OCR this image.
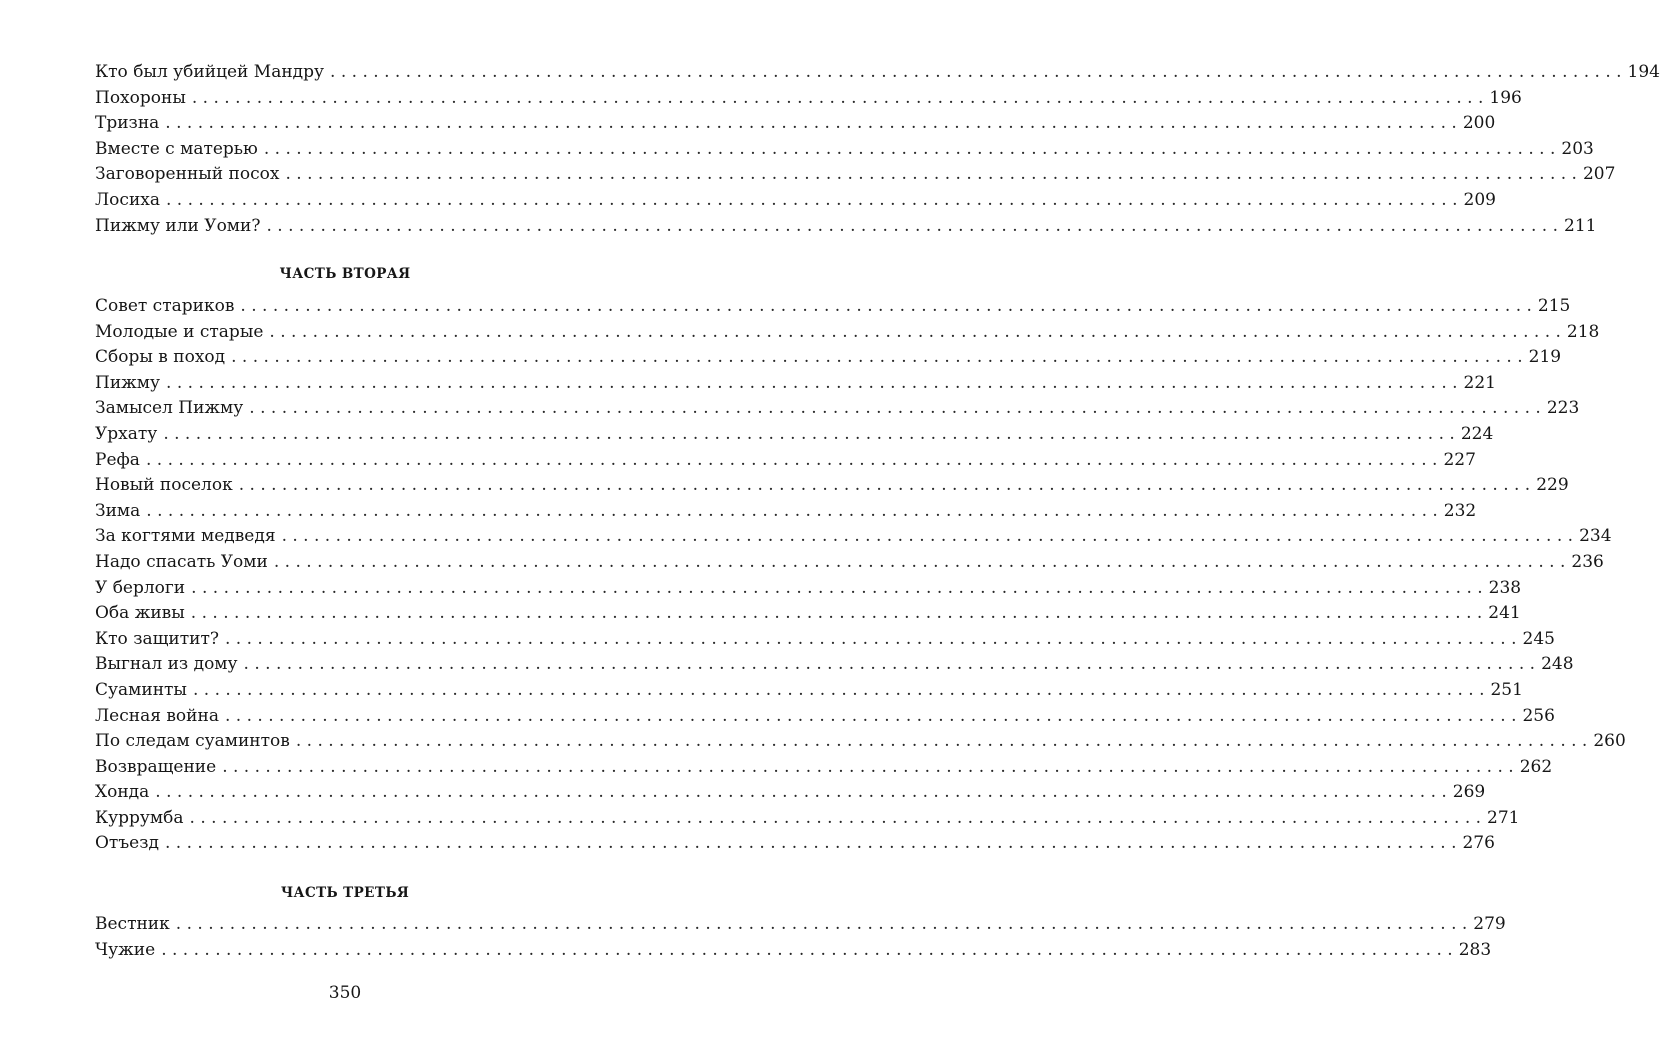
Кто был убийцей Мандру . . . . . . . . . . . . . . . . . . . . . . . . . . . . . . . . . . . . . . . . . . . . . . . . . . . . . . . . . . . . . . . . . . . . . . . . . . . . . . . . . . . . . . . . . . . . . . . . . . . . . . . . . . . . . . . . . . . . . . . . 194
Похороны . . . . . . . . . . . . . . . . . . . . . . . . . . . . . . . . . . . . . . . . . . . . . . . . . . . . . . . . . . . . . . . . . . . . . . . . . . . . . . . . . . . . . . . . . . . . . . . . . . . . . . . . . . . . . . . . . . . . . . . . 196
Тризна . . . . . . . . . . . . . . . . . . . . . . . . . . . . . . . . . . . . . . . . . . . . . . . . . . . . . . . . . . . . . . . . . . . . . . . . . . . . . . . . . . . . . . . . . . . . . . . . . . . . . . . . . . . . . . . . . . . . . . . . 200
Вместе с матерью . . . . . . . . . . . . . . . . . . . . . . . . . . . . . . . . . . . . . . . . . . . . . . . . . . . . . . . . . . . . . . . . . . . . . . . . . . . . . . . . . . . . . . . . . . . . . . . . . . . . . . . . . . . . . . . . . . . . . . . . 203
Заговоренный посох . . . . . . . . . . . . . . . . . . . . . . . . . . . . . . . . . . . . . . . . . . . . . . . . . . . . . . . . . . . . . . . . . . . . . . . . . . . . . . . . . . . . . . . . . . . . . . . . . . . . . . . . . . . . . . . . . . . . . . . . 207
Лосиха . . . . . . . . . . . . . . . . . . . . . . . . . . . . . . . . . . . . . . . . . . . . . . . . . . . . . . . . . . . . . . . . . . . . . . . . . . . . . . . . . . . . . . . . . . . . . . . . . . . . . . . . . . . . . . . . . . . . . . . . 209
Пижму или Уоми? . . . . . . . . . . . . . . . . . . . . . . . . . . . . . . . . . . . . . . . . . . . . . . . . . . . . . . . . . . . . . . . . . . . . . . . . . . . . . . . . . . . . . . . . . . . . . . . . . . . . . . . . . . . . . . . . . . . . . . . . 211
ЧАСТЬ ВТОРАЯ
Совет стариков . . . . . . . . . . . . . . . . . . . . . . . . . . . . . . . . . . . . . . . . . . . . . . . . . . . . . . . . . . . . . . . . . . . . . . . . . . . . . . . . . . . . . . . . . . . . . . . . . . . . . . . . . . . . . . . . . . . . . . . . 215
Молодые и старые . . . . . . . . . . . . . . . . . . . . . . . . . . . . . . . . . . . . . . . . . . . . . . . . . . . . . . . . . . . . . . . . . . . . . . . . . . . . . . . . . . . . . . . . . . . . . . . . . . . . . . . . . . . . . . . . . . . . . . . . 218
Сборы в поход . . . . . . . . . . . . . . . . . . . . . . . . . . . . . . . . . . . . . . . . . . . . . . . . . . . . . . . . . . . . . . . . . . . . . . . . . . . . . . . . . . . . . . . . . . . . . . . . . . . . . . . . . . . . . . . . . . . . . . . . 219
Пижму . . . . . . . . . . . . . . . . . . . . . . . . . . . . . . . . . . . . . . . . . . . . . . . . . . . . . . . . . . . . . . . . . . . . . . . . . . . . . . . . . . . . . . . . . . . . . . . . . . . . . . . . . . . . . . . . . . . . . . . . 221
Замысел Пижму . . . . . . . . . . . . . . . . . . . . . . . . . . . . . . . . . . . . . . . . . . . . . . . . . . . . . . . . . . . . . . . . . . . . . . . . . . . . . . . . . . . . . . . . . . . . . . . . . . . . . . . . . . . . . . . . . . . . . . . . 223
Урхату . . . . . . . . . . . . . . . . . . . . . . . . . . . . . . . . . . . . . . . . . . . . . . . . . . . . . . . . . . . . . . . . . . . . . . . . . . . . . . . . . . . . . . . . . . . . . . . . . . . . . . . . . . . . . . . . . . . . . . . . 224
Рефа . . . . . . . . . . . . . . . . . . . . . . . . . . . . . . . . . . . . . . . . . . . . . . . . . . . . . . . . . . . . . . . . . . . . . . . . . . . . . . . . . . . . . . . . . . . . . . . . . . . . . . . . . . . . . . . . . . . . . . . . 227
Новый поселок . . . . . . . . . . . . . . . . . . . . . . . . . . . . . . . . . . . . . . . . . . . . . . . . . . . . . . . . . . . . . . . . . . . . . . . . . . . . . . . . . . . . . . . . . . . . . . . . . . . . . . . . . . . . . . . . . . . . . . . . 229
Зима . . . . . . . . . . . . . . . . . . . . . . . . . . . . . . . . . . . . . . . . . . . . . . . . . . . . . . . . . . . . . . . . . . . . . . . . . . . . . . . . . . . . . . . . . . . . . . . . . . . . . . . . . . . . . . . . . . . . . . . . 232
За когтями медведя . . . . . . . . . . . . . . . . . . . . . . . . . . . . . . . . . . . . . . . . . . . . . . . . . . . . . . . . . . . . . . . . . . . . . . . . . . . . . . . . . . . . . . . . . . . . . . . . . . . . . . . . . . . . . . . . . . . . . . . . 234
Надо спасать Уоми . . . . . . . . . . . . . . . . . . . . . . . . . . . . . . . . . . . . . . . . . . . . . . . . . . . . . . . . . . . . . . . . . . . . . . . . . . . . . . . . . . . . . . . . . . . . . . . . . . . . . . . . . . . . . . . . . . . . . . . . 236
У берлоги . . . . . . . . . . . . . . . . . . . . . . . . . . . . . . . . . . . . . . . . . . . . . . . . . . . . . . . . . . . . . . . . . . . . . . . . . . . . . . . . . . . . . . . . . . . . . . . . . . . . . . . . . . . . . . . . . . . . . . . . 238
Оба живы . . . . . . . . . . . . . . . . . . . . . . . . . . . . . . . . . . . . . . . . . . . . . . . . . . . . . . . . . . . . . . . . . . . . . . . . . . . . . . . . . . . . . . . . . . . . . . . . . . . . . . . . . . . . . . . . . . . . . . . . 241
Кто защитит? . . . . . . . . . . . . . . . . . . . . . . . . . . . . . . . . . . . . . . . . . . . . . . . . . . . . . . . . . . . . . . . . . . . . . . . . . . . . . . . . . . . . . . . . . . . . . . . . . . . . . . . . . . . . . . . . . . . . . . . . 245
Выгнал из дому . . . . . . . . . . . . . . . . . . . . . . . . . . . . . . . . . . . . . . . . . . . . . . . . . . . . . . . . . . . . . . . . . . . . . . . . . . . . . . . . . . . . . . . . . . . . . . . . . . . . . . . . . . . . . . . . . . . . . . . . 248
Суаминты . . . . . . . . . . . . . . . . . . . . . . . . . . . . . . . . . . . . . . . . . . . . . . . . . . . . . . . . . . . . . . . . . . . . . . . . . . . . . . . . . . . . . . . . . . . . . . . . . . . . . . . . . . . . . . . . . . . . . . . . 251
Лесная война . . . . . . . . . . . . . . . . . . . . . . . . . . . . . . . . . . . . . . . . . . . . . . . . . . . . . . . . . . . . . . . . . . . . . . . . . . . . . . . . . . . . . . . . . . . . . . . . . . . . . . . . . . . . . . . . . . . . . . . . 256
По следам суаминтов . . . . . . . . . . . . . . . . . . . . . . . . . . . . . . . . . . . . . . . . . . . . . . . . . . . . . . . . . . . . . . . . . . . . . . . . . . . . . . . . . . . . . . . . . . . . . . . . . . . . . . . . . . . . . . . . . . . . . . . . 260
Возвращение . . . . . . . . . . . . . . . . . . . . . . . . . . . . . . . . . . . . . . . . . . . . . . . . . . . . . . . . . . . . . . . . . . . . . . . . . . . . . . . . . . . . . . . . . . . . . . . . . . . . . . . . . . . . . . . . . . . . . . . . 262
Хонда . . . . . . . . . . . . . . . . . . . . . . . . . . . . . . . . . . . . . . . . . . . . . . . . . . . . . . . . . . . . . . . . . . . . . . . . . . . . . . . . . . . . . . . . . . . . . . . . . . . . . . . . . . . . . . . . . . . . . . . . 269
Куррумба . . . . . . . . . . . . . . . . . . . . . . . . . . . . . . . . . . . . . . . . . . . . . . . . . . . . . . . . . . . . . . . . . . . . . . . . . . . . . . . . . . . . . . . . . . . . . . . . . . . . . . . . . . . . . . . . . . . . . . . . 271
Отъезд . . . . . . . . . . . . . . . . . . . . . . . . . . . . . . . . . . . . . . . . . . . . . . . . . . . . . . . . . . . . . . . . . . . . . . . . . . . . . . . . . . . . . . . . . . . . . . . . . . . . . . . . . . . . . . . . . . . . . . . . 276
ЧАСТЬ ТРЕТЬЯ
Вестник . . . . . . . . . . . . . . . . . . . . . . . . . . . . . . . . . . . . . . . . . . . . . . . . . . . . . . . . . . . . . . . . . . . . . . . . . . . . . . . . . . . . . . . . . . . . . . . . . . . . . . . . . . . . . . . . . . . . . . . . 279
Чужие . . . . . . . . . . . . . . . . . . . . . . . . . . . . . . . . . . . . . . . . . . . . . . . . . . . . . . . . . . . . . . . . . . . . . . . . . . . . . . . . . . . . . . . . . . . . . . . . . . . . . . . . . . . . . . . . . . . . . . . . 283
350
